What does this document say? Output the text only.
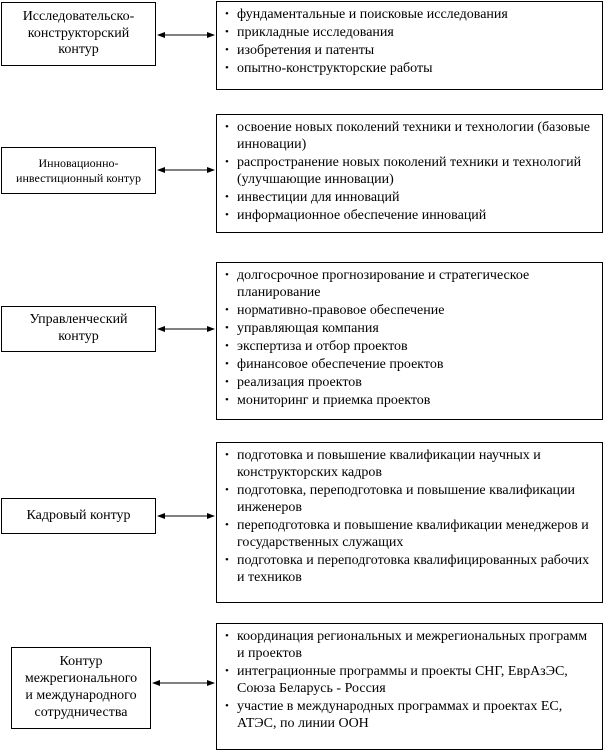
Исследовательско-
конструкторский
контур
• фундаментальные и поисковые исследования
• прикладные исследования
• изобретения и патенты
• опытно-конструкторские работы
Инновационно-
инвестиционный контур
• освоение новых поколений техники и технологии (базовые инновации)
• распространение новых поколений техники и технологий (улучшающие инновации)
• инвестиции для инноваций
• информационное обеспечение инноваций
Управленческий
контур
• долгосрочное прогнозирование и стратегическое планирование
• нормативно-правовое обеспечение
• управляющая компания
• экспертиза и отбор проектов
• финансовое обеспечение проектов
• реализация проектов
• мониторинг и приемка проектов
Кадровый контур
• подготовка и повышение квалификации научных и конструкторских кадров
• подготовка, переподготовка и повышение квалификации инженеров
• переподготовка и повышение квалификации менеджеров и государственных служащих
• подготовка и переподготовка квалифицированных рабочих и техников
Контур
межрегионального
и международного
сотрудничества
• координация региональных и межрегиональных программ и проектов
• интеграционные программы и проекты СНГ, ЕврАзЭС, Союза Беларусь - Россия
• участие в международных программах и проектах ЕС, АТЭС, по линии ООН
